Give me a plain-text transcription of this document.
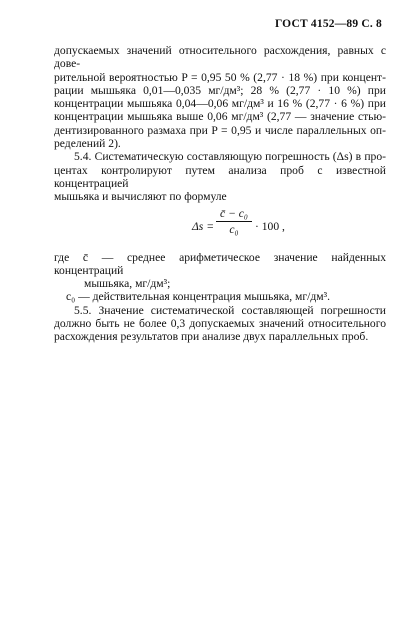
ГОСТ 4152—89 С. 8
допускаемых значений относительного расхождения, равных с дове-
рительной вероятностью P = 0,95 50 % (2,77 · 18 %) при концент-
рации мышьяка 0,01—0,035 мг/дм³; 28 % (2,77 · 10 %) при
концентрации мышьяка 0,04—0,06 мг/дм³ и 16 % (2,77 · 6 %) при
концентрации мышьяка выше 0,06 мг/дм³ (2,77 — значение стью-
дентизированного размаха при P = 0,95 и числе параллельных оп-
ределений 2).
5.4. Систематическую составляющую погрешность (Δs) в про-
центах контролируют путем анализа проб с известной концентрацией
мышьяка и вычисляют по формуле
$\Delta s = \frac{\text{c̄ − c₀}}{\text{c₀}} \cdot 100$ ,
где c̄ — среднее арифметическое значение найденных концентраций
мышьяка, мг/дм³;
c₀ — действительная концентрация мышьяка, мг/дм³.
5.5. Значение систематической составляющей погрешности
должно быть не более 0,3 допускаемых значений относительного
расхождения результатов при анализе двух параллельных проб.
